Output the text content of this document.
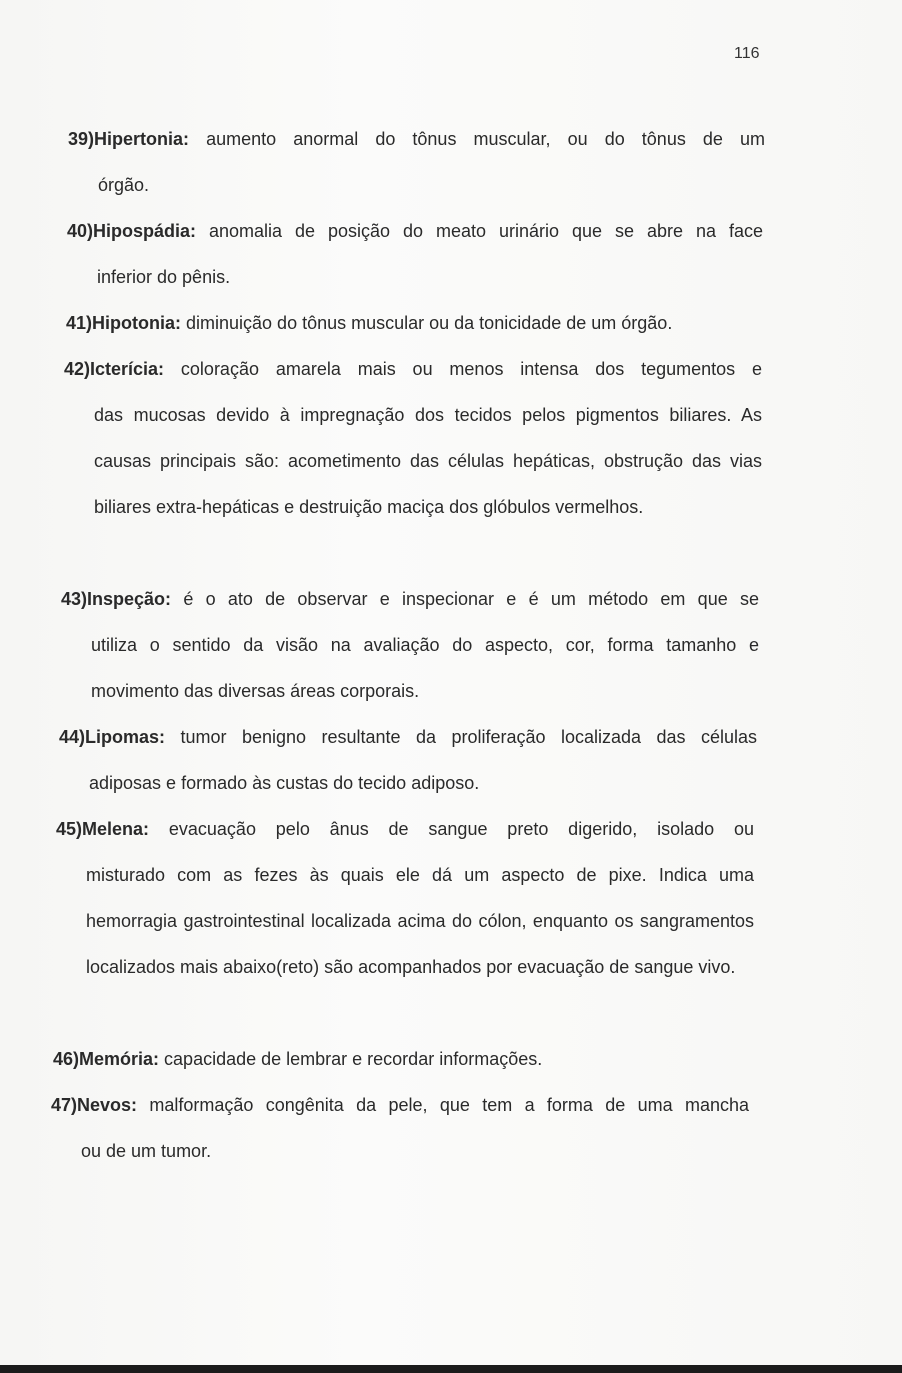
116
39)Hipertonia: aumento anormal do tônus muscular, ou do tônus de um
órgão.
40)Hipospádia: anomalia de posição do meato urinário que se abre na face
inferior do pênis.
41)Hipotonia: diminuição do tônus muscular ou da tonicidade de um órgão.
42)Icterícia: coloração amarela mais ou menos intensa dos tegumentos e
das mucosas devido à impregnação dos tecidos pelos pigmentos biliares. As causas principais são: acometimento das células hepáticas, obstrução das vias biliares extra-hepáticas e destruição maciça dos glóbulos vermelhos.
43)Inspeção: é o ato de observar e inspecionar e é um método em que se
utiliza o sentido da visão na avaliação do aspecto, cor, forma tamanho e movimento das diversas áreas corporais.
44)Lipomas: tumor benigno resultante da proliferação localizada das células
adiposas e formado às custas do tecido adiposo.
45)Melena: evacuação pelo ânus de sangue preto digerido, isolado ou
misturado com as fezes às quais ele dá um aspecto de pixe. Indica uma hemorragia gastrointestinal localizada acima do cólon, enquanto os sangramentos localizados mais abaixo(reto) são acompanhados por evacuação de sangue vivo.
46)Memória: capacidade de lembrar e recordar informações.
47)Nevos: malformação congênita da pele, que tem a forma de uma mancha
ou de um tumor.
